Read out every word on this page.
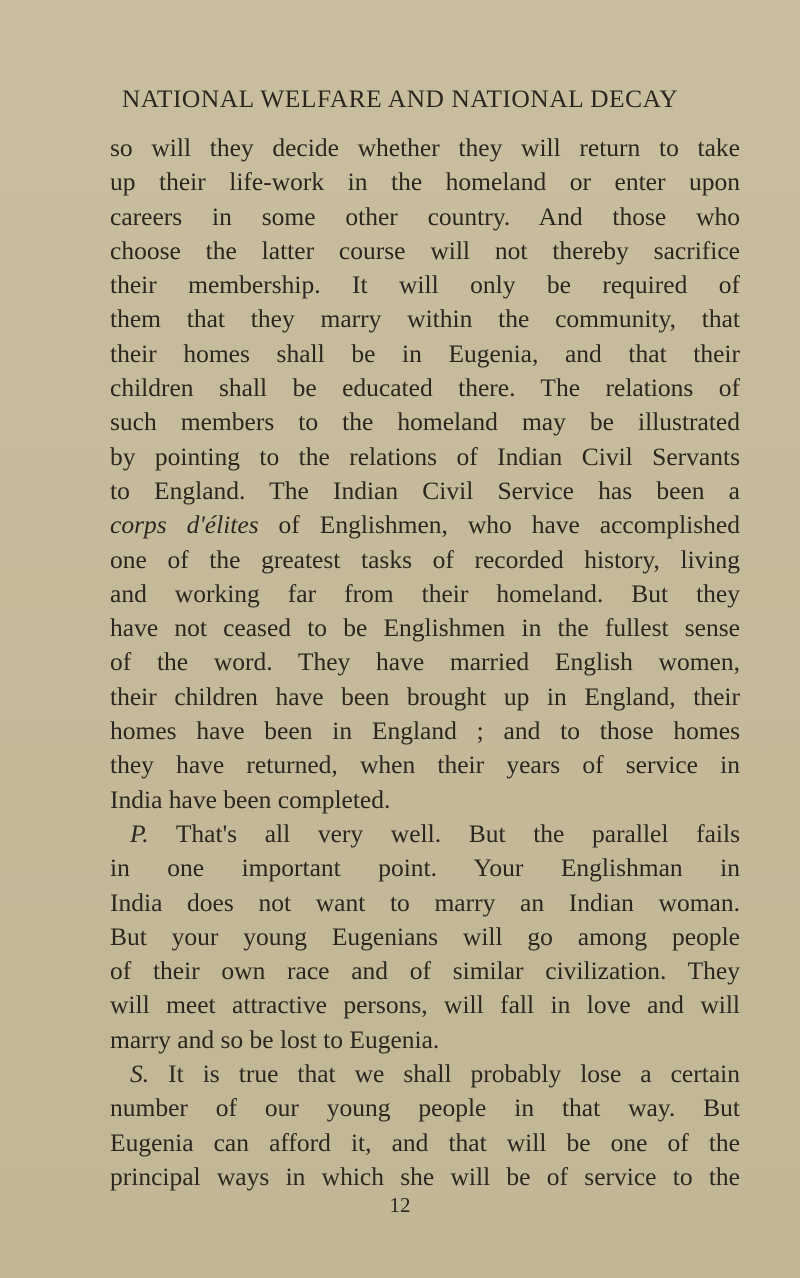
NATIONAL WELFARE AND NATIONAL DECAY
so will they decide whether they will return to take
up their life-work in the homeland or enter upon
careers in some other country. And those who
choose the latter course will not thereby sacrifice
their membership. It will only be required of
them that they marry within the community, that
their homes shall be in Eugenia, and that their
children shall be educated there. The relations of
such members to the homeland may be illustrated
by pointing to the relations of Indian Civil Servants
to England. The Indian Civil Service has been a
corps d'élites of Englishmen, who have accomplished
one of the greatest tasks of recorded history, living
and working far from their homeland. But they
have not ceased to be Englishmen in the fullest sense
of the word. They have married English women,
their children have been brought up in England, their
homes have been in England ; and to those homes
they have returned, when their years of service in
India have been completed.
P. That's all very well. But the parallel fails
in one important point. Your Englishman in
India does not want to marry an Indian woman.
But your young Eugenians will go among people
of their own race and of similar civilization. They
will meet attractive persons, will fall in love and will
marry and so be lost to Eugenia.
S. It is true that we shall probably lose a certain
number of our young people in that way. But
Eugenia can afford it, and that will be one of the
principal ways in which she will be of service to the
12
